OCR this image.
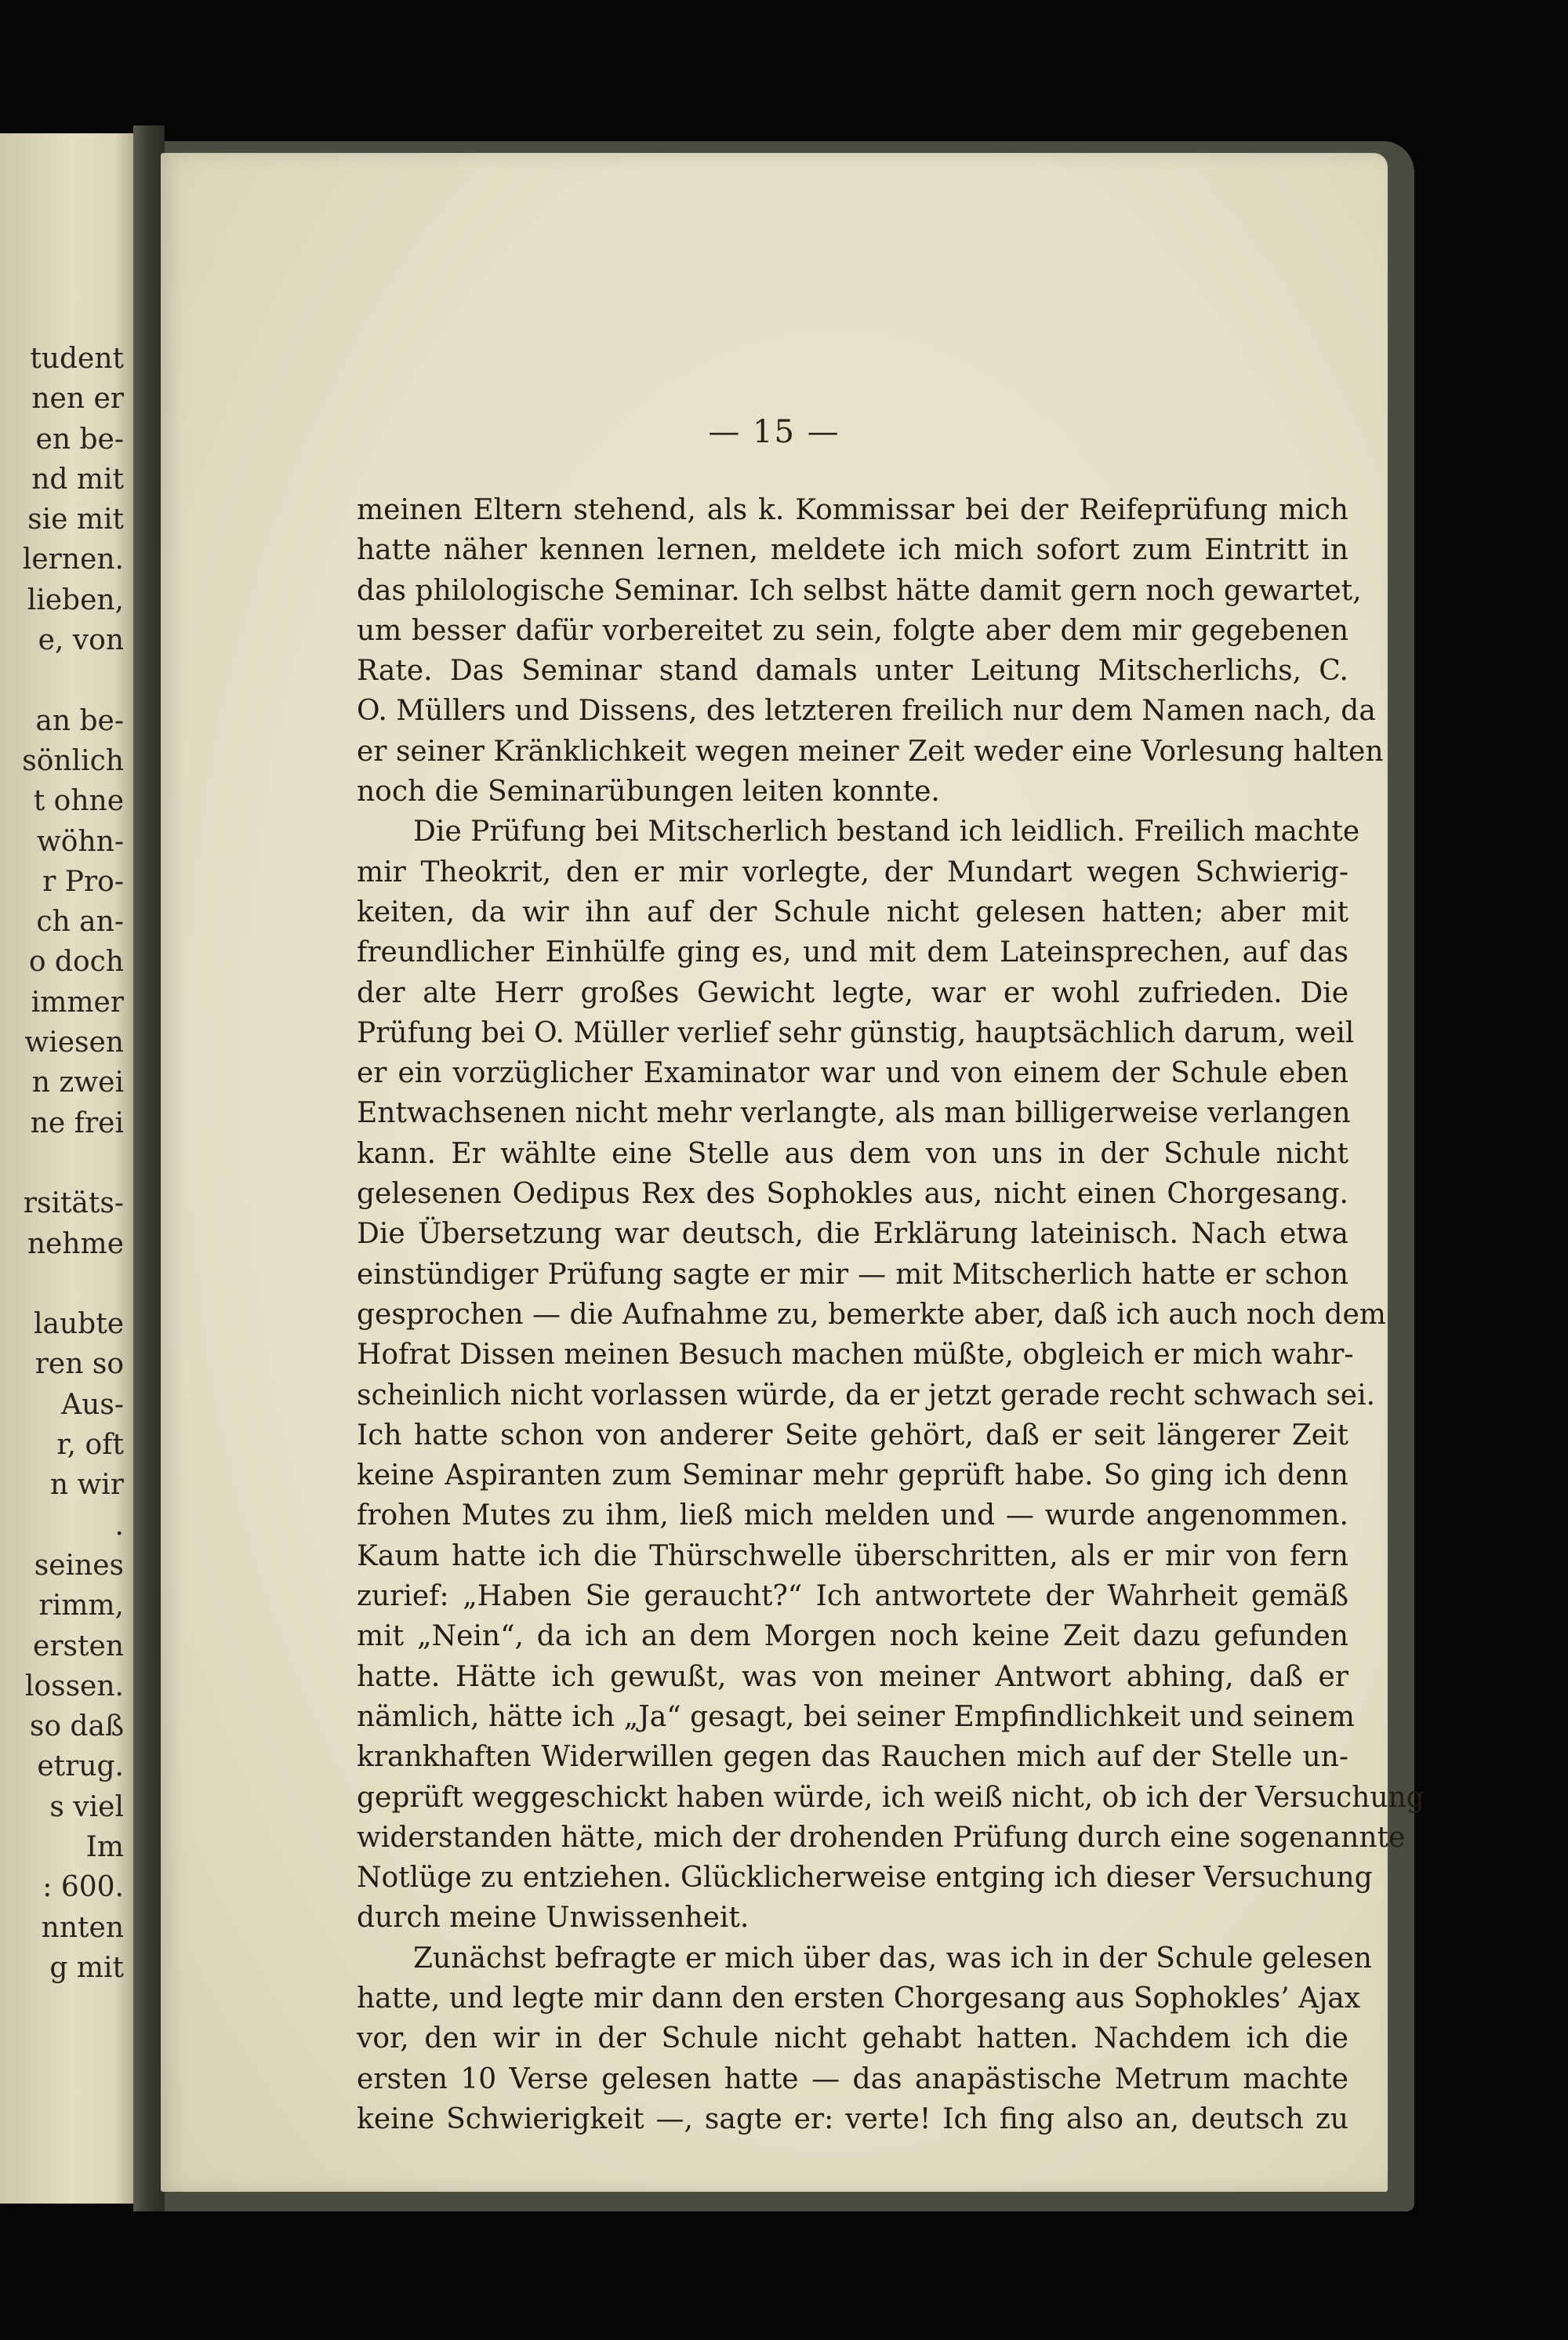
tudent
nen er
en be-
nd mit
sie mit
lernen.
lieben,
e, von
an be-
sönlich
t ohne
wöhn-
r Pro-
ch an-
o doch
immer
wiesen
n zwei
ne frei
rsitäts-
nehme
laubte
ren so
Aus-
r, oft
n wir
.
seines
rimm,
ersten
lossen.
so daß
etrug.
s viel
Im
: 600.
nnten
g mit
— 15 —
meinen Eltern stehend, als k. Kommissar bei der Reifeprüfung mich
hatte näher kennen lernen, meldete ich mich sofort zum Eintritt in
das philologische Seminar. Ich selbst hätte damit gern noch gewartet,
um besser dafür vorbereitet zu sein, folgte aber dem mir gegebenen
Rate. Das Seminar stand damals unter Leitung Mitscherlichs, C.
O. Müllers und Dissens, des letzteren freilich nur dem Namen nach, da
er seiner Kränklichkeit wegen meiner Zeit weder eine Vorlesung halten
noch die Seminarübungen leiten konnte.
Die Prüfung bei Mitscherlich bestand ich leidlich. Freilich machte
mir Theokrit, den er mir vorlegte, der Mundart wegen Schwierig-
keiten, da wir ihn auf der Schule nicht gelesen hatten; aber mit
freundlicher Einhülfe ging es, und mit dem Lateinsprechen, auf das
der alte Herr großes Gewicht legte, war er wohl zufrieden. Die
Prüfung bei O. Müller verlief sehr günstig, hauptsächlich darum, weil
er ein vorzüglicher Examinator war und von einem der Schule eben
Entwachsenen nicht mehr verlangte, als man billigerweise verlangen
kann. Er wählte eine Stelle aus dem von uns in der Schule nicht
gelesenen Oedipus Rex des Sophokles aus, nicht einen Chorgesang.
Die Übersetzung war deutsch, die Erklärung lateinisch. Nach etwa
einstündiger Prüfung sagte er mir — mit Mitscherlich hatte er schon
gesprochen — die Aufnahme zu, bemerkte aber, daß ich auch noch dem
Hofrat Dissen meinen Besuch machen müßte, obgleich er mich wahr-
scheinlich nicht vorlassen würde, da er jetzt gerade recht schwach sei.
Ich hatte schon von anderer Seite gehört, daß er seit längerer Zeit
keine Aspiranten zum Seminar mehr geprüft habe. So ging ich denn
frohen Mutes zu ihm, ließ mich melden und — wurde angenommen.
Kaum hatte ich die Thürschwelle überschritten, als er mir von fern
zurief: „Haben Sie geraucht?“ Ich antwortete der Wahrheit gemäß
mit „Nein“, da ich an dem Morgen noch keine Zeit dazu gefunden
hatte. Hätte ich gewußt, was von meiner Antwort abhing, daß er
nämlich, hätte ich „Ja“ gesagt, bei seiner Empfindlichkeit und seinem
krankhaften Widerwillen gegen das Rauchen mich auf der Stelle un-
geprüft weggeschickt haben würde, ich weiß nicht, ob ich der Versuchung
widerstanden hätte, mich der drohenden Prüfung durch eine sogenannte
Notlüge zu entziehen. Glücklicherweise entging ich dieser Versuchung
durch meine Unwissenheit.
Zunächst befragte er mich über das, was ich in der Schule gelesen
hatte, und legte mir dann den ersten Chorgesang aus Sophokles’ Ajax
vor, den wir in der Schule nicht gehabt hatten. Nachdem ich die
ersten 10 Verse gelesen hatte — das anapästische Metrum machte
keine Schwierigkeit —, sagte er: verte! Ich fing also an, deutsch zu
